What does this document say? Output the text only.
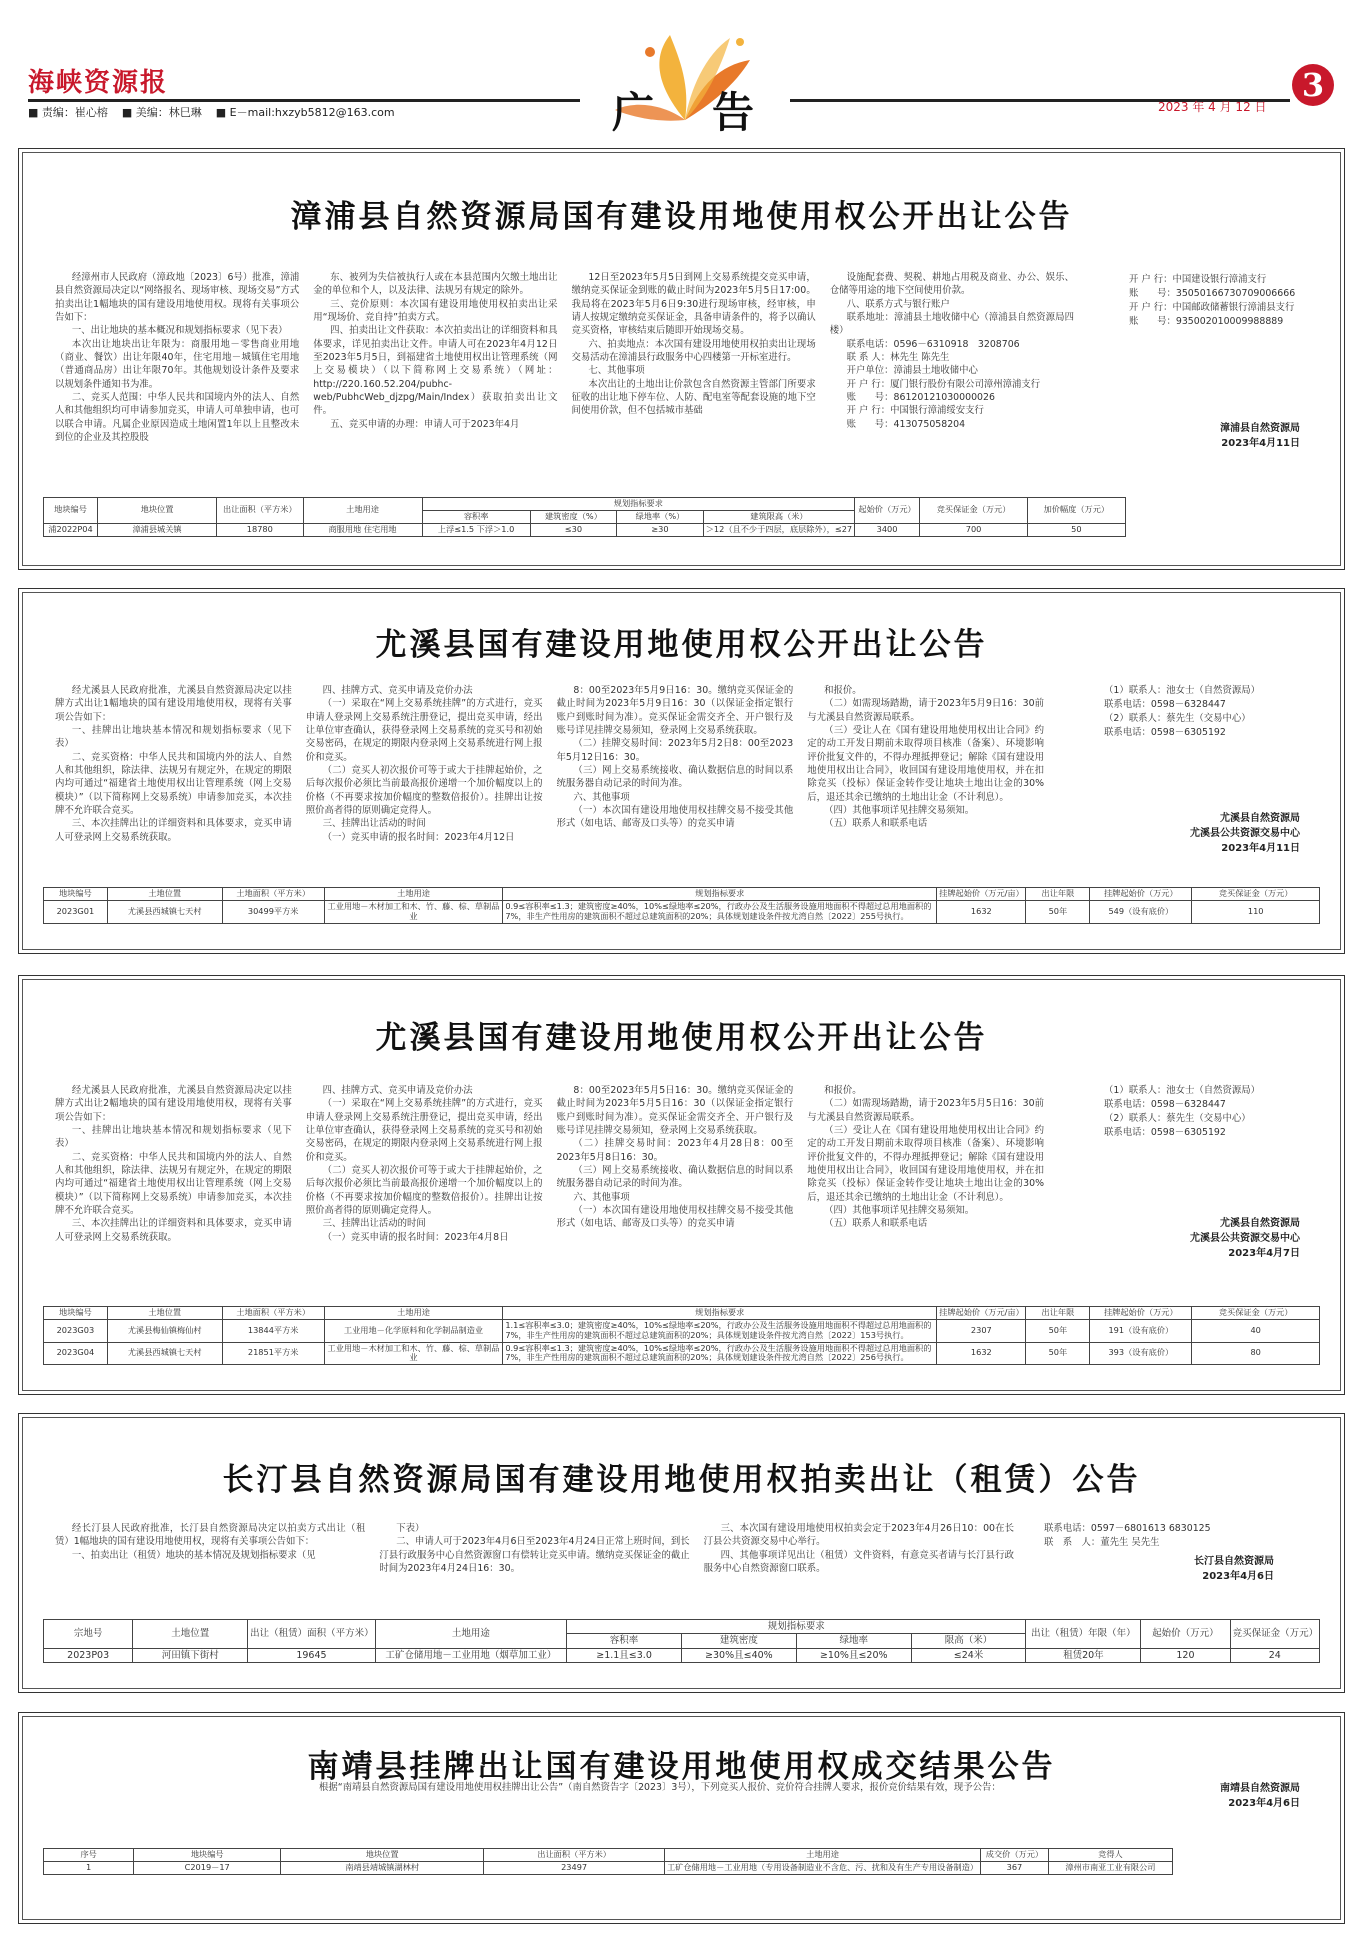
海峡资源报
■ 责编：崔心榕 ■ 美编：林巳琳 ■ E－mail:hxzyb5812@163.com	广 告	2023 年 4 月 12 日
3
漳浦县自然资源局国有建设用地使用权公开出让公告

经漳州市人民政府（漳政地〔2023〕6号）批准，漳浦县自然资源局决定以“网络报名、现场审核、现场交易”方式拍卖出让1幅地块的国有建设用地使用权。现将有关事项公告如下：

一、出让地块的基本概况和规划指标要求（见下表）

本次出让地块出让年限为：商服用地－零售商业用地（商业、餐饮）出让年限40年，住宅用地－城镇住宅用地（普通商品房）出让年限70年。其他规划设计条件及要求以规划条件通知书为准。

二、竞买人范围：中华人民共和国境内外的法人、自然人和其他组织均可申请参加竞买，申请人可单独申请，也可以联合申请。凡属企业原因造成土地闲置1年以上且整改未到位的企业及其控股股

东、被列为失信被执行人或在本县范围内欠缴土地出让金的单位和个人，以及法律、法规另有规定的除外。

三、竞价原则：本次国有建设用地使用权拍卖出让采用“现场价、竞自持”拍卖方式。

四、拍卖出让文件获取：本次拍卖出让的详细资料和具体要求，详见拍卖出让文件。申请人可在2023年4月12日至2023年5月5日，到福建省土地使用权出让管理系统（网上交易模块）（以下简称网上交易系统）（网址：http://220.160.52.204/pubhc-web/PubhcWeb_djzpg/Main/Index）获取拍卖出让文件。

五、竞买申请的办理：申请人可于2023年4月

12日至2023年5月5日到网上交易系统提交竞买申请，缴纳竞买保证金到账的截止时间为2023年5月5日17:00。我局将在2023年5月6日9:30进行现场审核，经审核，申请人按规定缴纳竞买保证金，具备申请条件的，将予以确认竞买资格，审核结束后随即开始现场交易。

六、拍卖地点：本次国有建设用地使用权拍卖出让现场交易活动在漳浦县行政服务中心四楼第一开标室进行。

七、其他事项

本次出让的土地出让价款包含自然资源主管部门所要求征收的出让地下停车位、人防、配电室等配套设施的地下空间使用价款，但不包括城市基础

设施配套费、契税、耕地占用税及商业、办公、娱乐、仓储等用途的地下空间使用价款。

八、联系方式与银行账户

联系地址：漳浦县土地收储中心（漳浦县自然资源局四楼）

联系电话：0596－6310918　3208706

联 系 人：林先生 陈先生

开户单位：漳浦县土地收储中心

开 户 行：厦门银行股份有限公司漳州漳浦支行

账　　号：86120121030000026

开 户 行：中国银行漳浦绥安支行

账　　号：413075058204

开 户 行：中国建设银行漳浦支行
账　　号：35050166730709006666
开 户 行：中国邮政储蓄银行漳浦县支行
账　　号：935002010009988889
漳浦县自然资源局
2023年4月11日
地块编号	地块位置	出让面积（平方米）	土地用途	规划指标要求				起始价（万元）	竞买保证金（万元）	加价幅度（万元）
				容积率	建筑密度（%）	绿地率（%）	建筑限高（米）			
浦2022P04	漳浦县城关镇	18780	商服用地 住宅用地	上浮≤1.5 下浮＞1.0	≤30	≥30	＞12（且不少于四层，底层除外），≤27	3400	700	50
尤溪县国有建设用地使用权公开出让公告

经尤溪县人民政府批准，尤溪县自然资源局决定以挂牌方式出让1幅地块的国有建设用地使用权，现将有关事项公告如下：

一、挂牌出让地块基本情况和规划指标要求（见下表）

二、竞买资格：中华人民共和国境内外的法人、自然人和其他组织，除法律、法规另有规定外，在规定的期限内均可通过“福建省土地使用权出让管理系统（网上交易模块）”（以下简称网上交易系统）申请参加竞买，本次挂牌不允许联合竞买。

三、本次挂牌出让的详细资料和具体要求，竞买申请人可登录网上交易系统获取。

四、挂牌方式、竞买申请及竞价办法

（一）采取在“网上交易系统挂牌”的方式进行，竞买申请人登录网上交易系统注册登记，提出竞买申请，经出让单位审查确认，获得登录网上交易系统的竞买号和初始交易密码，在规定的期限内登录网上交易系统进行网上报价和竞买。

（二）竞买人初次报价可等于或大于挂牌起始价，之后每次报价必须比当前最高报价递增一个加价幅度以上的价格（不再要求按加价幅度的整数倍报价）。挂牌出让按照价高者得的原则确定竞得人。

三、挂牌出让活动的时间

（一）竞买申请的报名时间：2023年4月12日

8：00至2023年5月9日16：30。缴纳竞买保证金的截止时间为2023年5月9日16：30（以保证金指定银行账户到账时间为准）。竞买保证金需交齐全、开户银行及账号详见挂牌交易须知，登录网上交易系统获取。

（二）挂牌交易时间：2023年5月2日8：00至2023年5月12日16：30。

（三）网上交易系统接收、确认数据信息的时间以系统服务器自动记录的时间为准。

六、其他事项

（一）本次国有建设用地使用权挂牌交易不接受其他形式（如电话、邮寄及口头等）的竞买申请

和报价。

（二）如需现场踏勘，请于2023年5月9日16：30前与尤溪县自然资源局联系。

（三）受让人在《国有建设用地使用权出让合同》约定的动工开发日期前未取得项目核准（备案）、环境影响评价批复文件的，不得办理抵押登记；解除《国有建设用地使用权出让合同》，收回国有建设用地使用权，并在扣除竞买（投标）保证金转作受让地块土地出让金的30%后，退还其余已缴纳的土地出让金（不计利息）。

（四）其他事项详见挂牌交易须知。

（五）联系人和联系电话

（1）联系人：池女士（自然资源局）
联系电话：0598－6328447
（2）联系人：蔡先生（交易中心）
联系电话：0598－6305192
尤溪县自然资源局
尤溪县公共资源交易中心
2023年4月11日
地块编号	土地位置	土地面积（平方米）	土地用途	规划指标要求	挂牌起始价（万元/亩）	出让年限	挂牌起始价（万元）	竞买保证金（万元）
2023G01	尤溪县西城镇七天村	30499平方米	工业用地－木材加工和木、竹、藤、棕、草制品业	0.9≤容积率≤1.3；建筑密度≥40%，10%≤绿地率≤20%，行政办公及生活服务设施用地面积不得超过总用地面积的7%，非生产性用房的建筑面积不超过总建筑面积的20%；具体规划建设条件按尤湾自然〔2022〕255号执行。	1632	50年	549（设有底价）	110
尤溪县国有建设用地使用权公开出让公告

经尤溪县人民政府批准，尤溪县自然资源局决定以挂牌方式出让2幅地块的国有建设用地使用权，现将有关事项公告如下：

一、挂牌出让地块基本情况和规划指标要求（见下表）

二、竞买资格：中华人民共和国境内外的法人、自然人和其他组织，除法律、法规另有规定外，在规定的期限内均可通过“福建省土地使用权出让管理系统（网上交易模块）”（以下简称网上交易系统）申请参加竞买，本次挂牌不允许联合竞买。

三、本次挂牌出让的详细资料和具体要求，竞买申请人可登录网上交易系统获取。

四、挂牌方式、竞买申请及竞价办法

（一）采取在“网上交易系统挂牌”的方式进行，竞买申请人登录网上交易系统注册登记，提出竞买申请，经出让单位审查确认，获得登录网上交易系统的竞买号和初始交易密码，在规定的期限内登录网上交易系统进行网上报价和竞买。

（二）竞买人初次报价可等于或大于挂牌起始价，之后每次报价必须比当前最高报价递增一个加价幅度以上的价格（不再要求按加价幅度的整数倍报价）。挂牌出让按照价高者得的原则确定竞得人。

三、挂牌出让活动的时间

（一）竞买申请的报名时间：2023年4月8日

8：00至2023年5月5日16：30。缴纳竞买保证金的截止时间为2023年5月5日16：30（以保证金指定银行账户到账时间为准）。竞买保证金需交齐全、开户银行及账号详见挂牌交易须知，登录网上交易系统获取。

（二）挂牌交易时间：2023年4月28日8：00至2023年5月8日16：30。

（三）网上交易系统接收、确认数据信息的时间以系统服务器自动记录的时间为准。

六、其他事项

（一）本次国有建设用地使用权挂牌交易不接受其他形式（如电话、邮寄及口头等）的竞买申请

和报价。

（二）如需现场踏勘，请于2023年5月5日16：30前与尤溪县自然资源局联系。

（三）受让人在《国有建设用地使用权出让合同》约定的动工开发日期前未取得项目核准（备案）、环境影响评价批复文件的，不得办理抵押登记；解除《国有建设用地使用权出让合同》，收回国有建设用地使用权，并在扣除竞买（投标）保证金转作受让地块土地出让金的30%后，退还其余已缴纳的土地出让金（不计利息）。

（四）其他事项详见挂牌交易须知。

（五）联系人和联系电话

（1）联系人：池女士（自然资源局）
联系电话：0598－6328447
（2）联系人：蔡先生（交易中心）
联系电话：0598－6305192
尤溪县自然资源局
尤溪县公共资源交易中心
2023年4月7日
地块编号	土地位置	土地面积（平方米）	土地用途	规划指标要求	挂牌起始价（万元/亩）	出让年限	挂牌起始价（万元）	竞买保证金（万元）
2023G03	尤溪县梅仙镇梅仙村	13844平方米	工业用地－化学原料和化学制品制造业	1.1≤容积率≤3.0；建筑密度≥40%，10%≤绿地率≤20%，行政办公及生活服务设施用地面积不得超过总用地面积的7%，非生产性用房的建筑面积不超过总建筑面积的20%；具体规划建设条件按尤湾自然〔2022〕153号执行。	2307	50年	191（设有底价）	40
2023G04	尤溪县西城镇七天村	21851平方米	工业用地－木材加工和木、竹、藤、棕、草制品业	0.9≤容积率≤1.3；建筑密度≥40%，10%≤绿地率≤20%，行政办公及生活服务设施用地面积不得超过总用地面积的7%，非生产性用房的建筑面积不超过总建筑面积的20%；具体规划建设条件按尤湾自然〔2022〕256号执行。	1632	50年	393（设有底价）	80
长汀县自然资源局国有建设用地使用权拍卖出让（租赁）公告

经长汀县人民政府批准，长汀县自然资源局决定以拍卖方式出让（租赁）1幅地块的国有建设用地使用权，现将有关事项公告如下：

一、拍卖出让（租赁）地块的基本情况及规划指标要求（见

下表）

二、申请人可于2023年4月6日至2023年4月24日正常上班时间，到长汀县行政服务中心自然资源窗口有偿转让竞买申请。缴纳竞买保证金的截止时间为2023年4月24日16：30。

三、本次国有建设用地使用权拍卖会定于2023年4月26日10：00在长汀县公共资源交易中心举行。

四、其他事项详见出让（租赁）文件资料，有意竞买者请与长汀县行政服务中心自然资源窗口联系。

联系电话：0597－6801613 6830125
联　系　人：董先生 吴先生
长汀县自然资源局
2023年4月6日
宗地号	土地位置	出让（租赁）面积（平方米）	土地用途	规划指标要求				出让（租赁）年限（年）	起始价（万元）	竞买保证金（万元）
				容积率	建筑密度	绿地率	限高（米）			
2023P03	河田镇下街村	19645	工矿仓储用地－工业用地（烟草加工业）	≥1.1且≤3.0	≥30%且≤40%	≥10%且≤20%	≤24米	租赁20年	120	24
南靖县挂牌出让国有建设用地使用权成交结果公告
根据“南靖县自然资源局国有建设用地使用权挂牌出让公告”（南自然资告字〔2023〕3号），下列竞买人报价、竞价符合挂牌人要求，报价竞价结果有效，现予公告：	南靖县自然资源局
2023年4月6日
序号	地块编号	地块位置	出让面积（平方米）	土地用途	成交价（万元）	竞得人
1	C2019－17	南靖县靖城镇湖林村	23497	工矿仓储用地－工业用地（专用设备制造业不含危、污、扰和及有生产专用设备制造）	367	漳州市南亚工业有限公司
